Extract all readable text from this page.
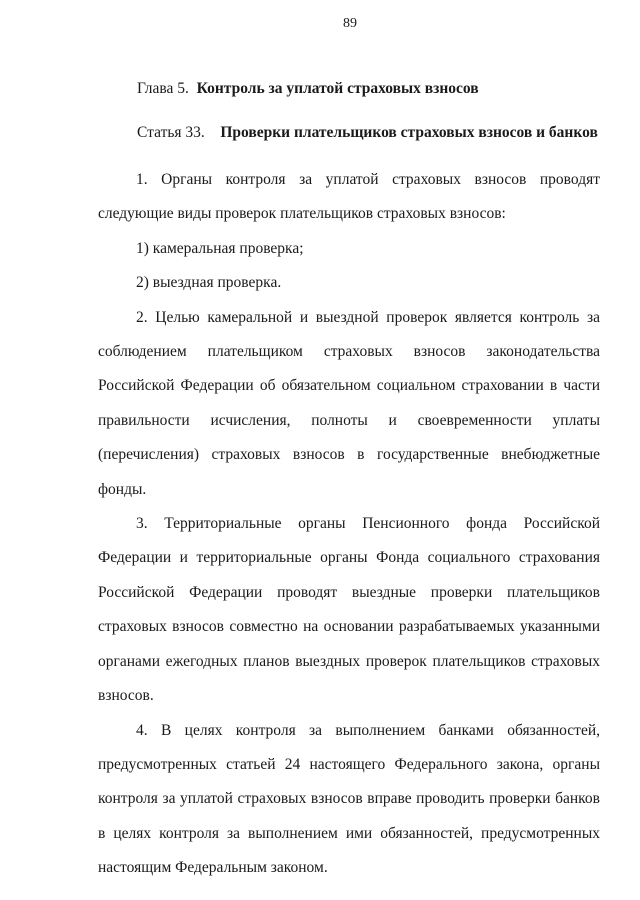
89
Глава 5. Контроль за уплатой страховых взносов
Статья 33. Проверки плательщиков страховых взносов и банков

1. Органы контроля за уплатой страховых взносов проводят следующие виды проверок плательщиков страховых взносов:

1) камеральная проверка;

2) выездная проверка.

2. Целью камеральной и выездной проверок является контроль за соблюдением плательщиком страховых взносов законодательства Российской Федерации об обязательном социальном страховании в части правильности исчисления, полноты и своевременности уплаты (перечисления) страховых взносов в государственные внебюджетные фонды.

3. Территориальные органы Пенсионного фонда Российской Федерации и территориальные органы Фонда социального страхования Российской Федерации проводят выездные проверки плательщиков страховых взносов совместно на основании разрабатываемых указанными органами ежегодных планов выездных проверок плательщиков страховых взносов.

4. В целях контроля за выполнением банками обязанностей, предусмотренных статьей 24 настоящего Федерального закона, органы контроля за уплатой страховых взносов вправе проводить проверки банков в целях контроля за выполнением ими обязанностей, предусмотренных настоящим Федеральным законом.
